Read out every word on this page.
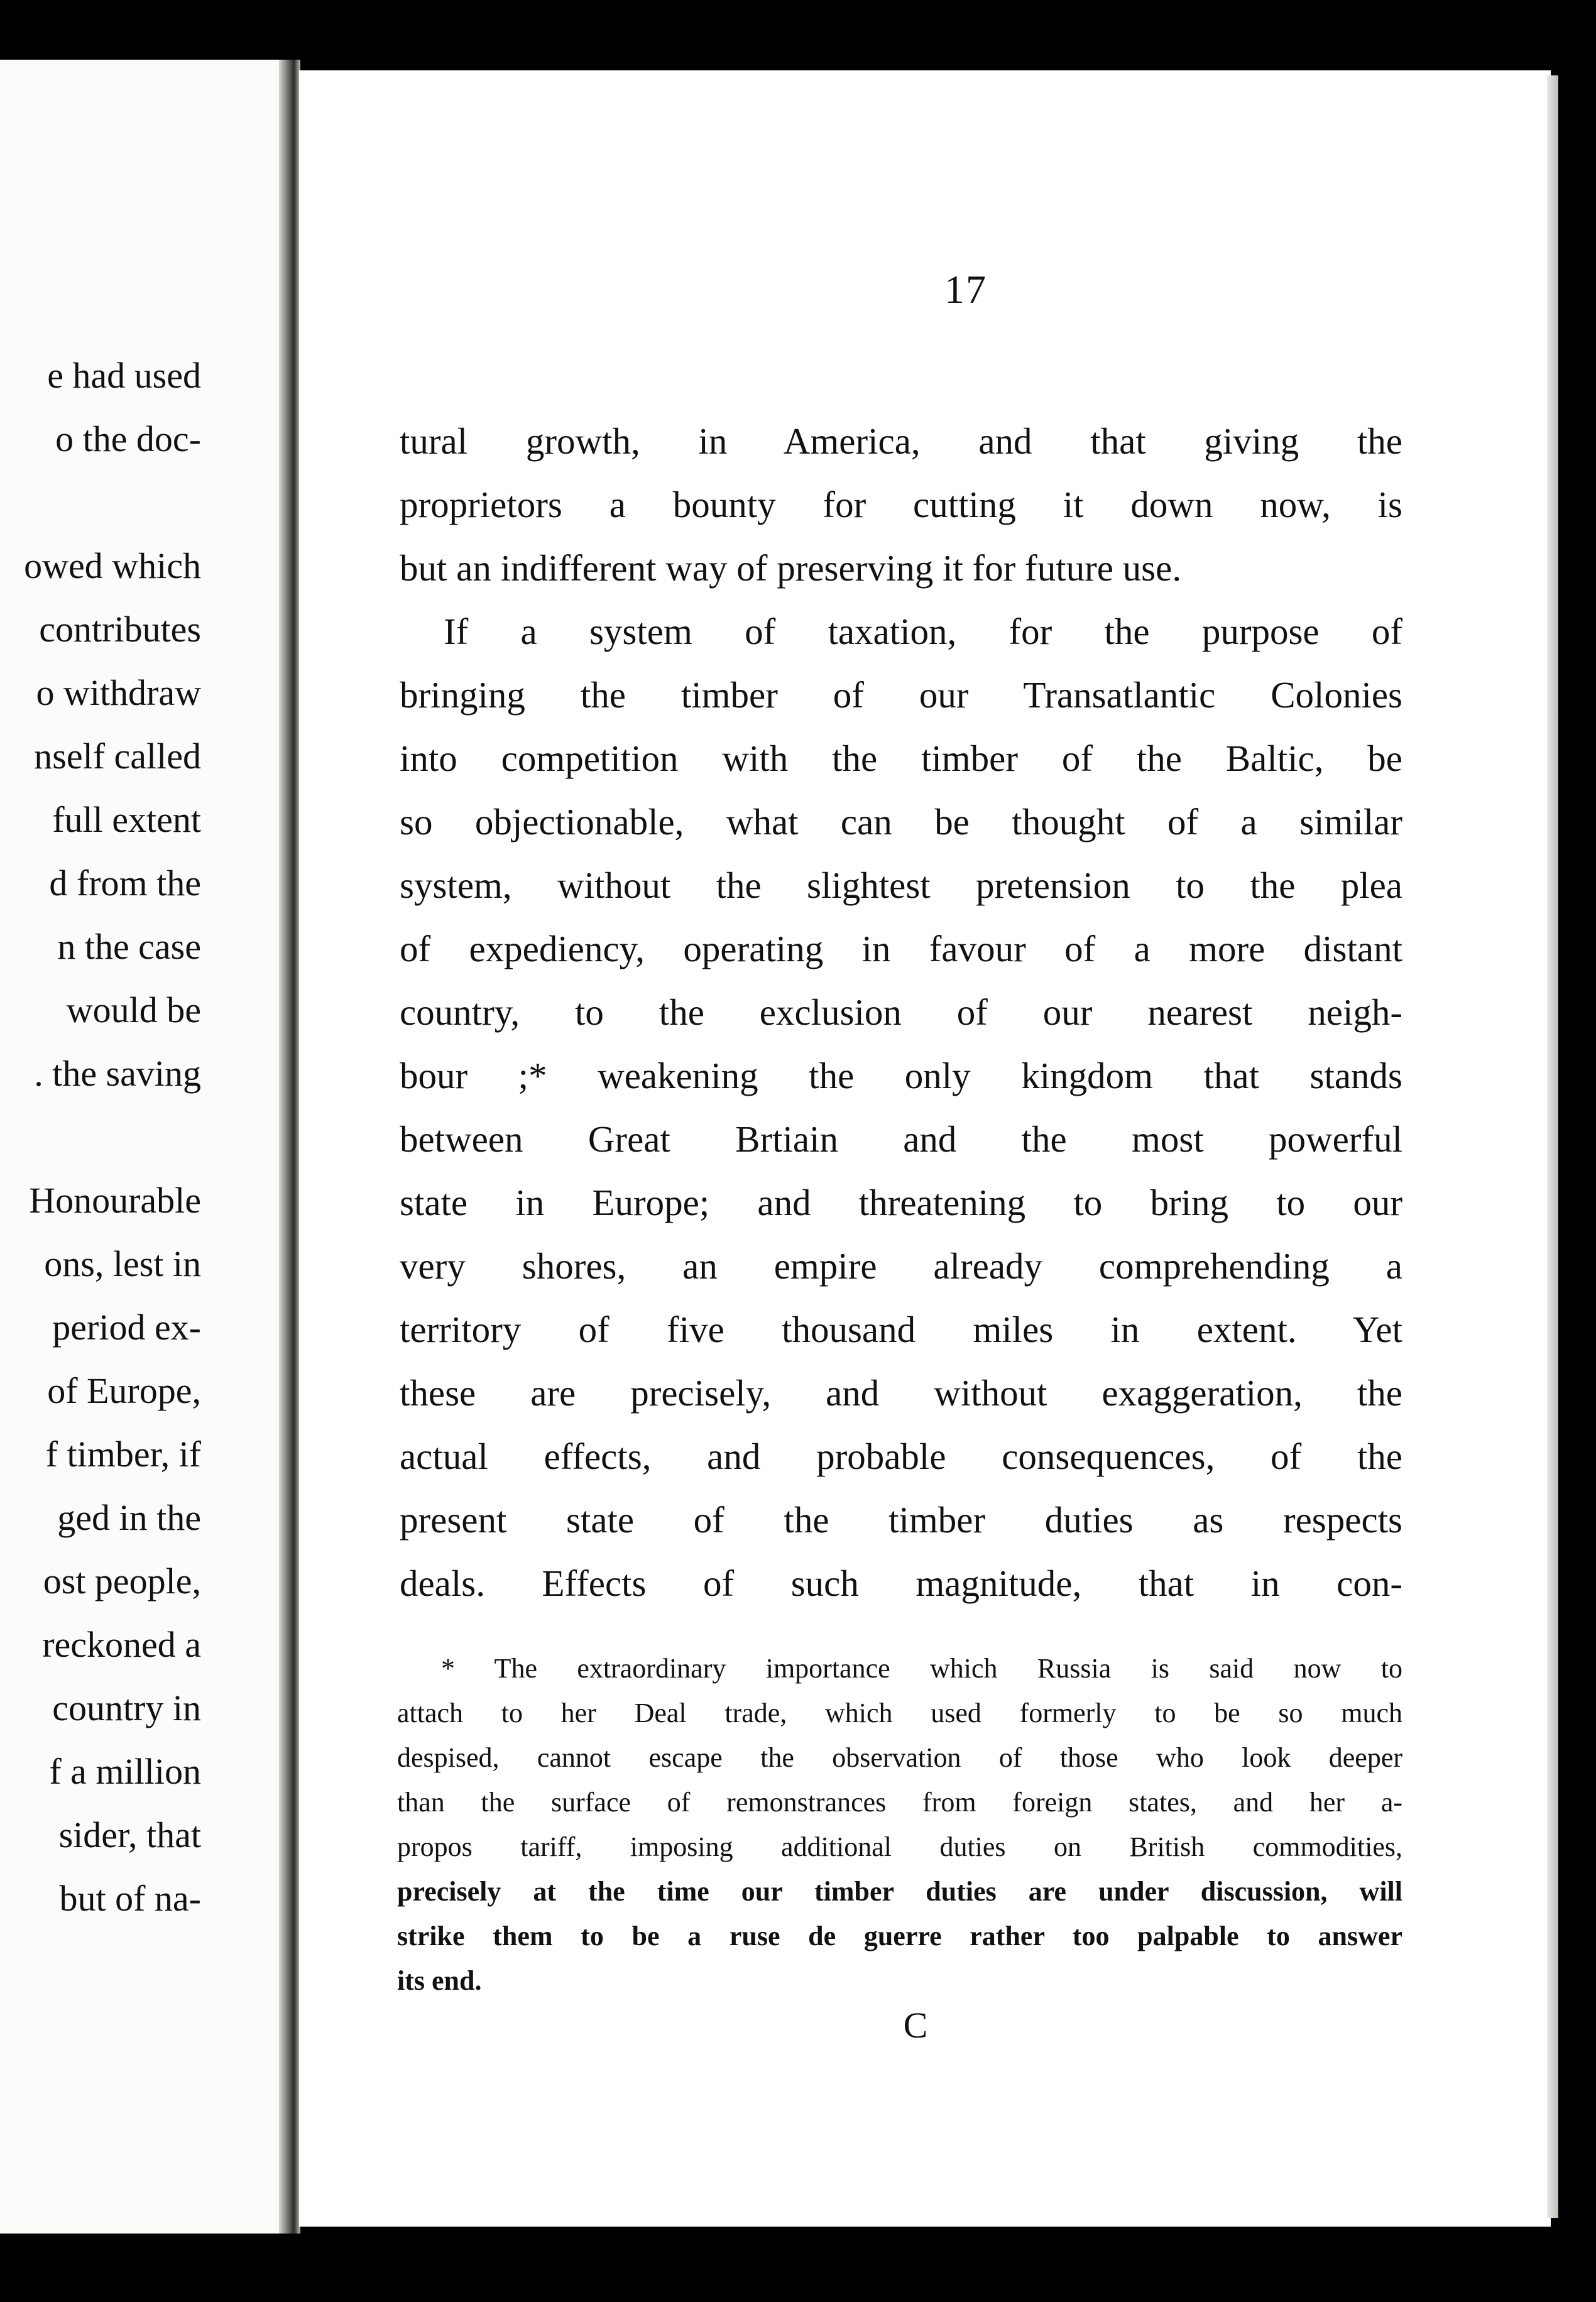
e had used
o the doc-
owed which
contributes
o withdraw
nself called
full extent
d from the
n the case
would be
. the saving
Honourable
ons, lest in
period ex-
of Europe,
f timber, if
ged in the
ost people,
reckoned a
country in
f a million
sider, that
but of na-
17
tural growth, in America, and that giving the
proprietors a bounty for cutting it down now, is
but an indifferent way of preserving it for future use.
If a system of taxation, for the purpose of
bringing the timber of our Transatlantic Colonies
into competition with the timber of the Baltic, be
so objectionable, what can be thought of a similar
system, without the slightest pretension to the plea
of expediency, operating in favour of a more distant
country, to the exclusion of our nearest neigh-
bour ;* weakening the only kingdom that stands
between Great Brtiain and the most powerful
state in Europe; and threatening to bring to our
very shores, an empire already comprehending a
territory of five thousand miles in extent. Yet
these are precisely, and without exaggeration, the
actual effects, and probable consequences, of the
present state of the timber duties as respects
deals. Effects of such magnitude, that in con-
* The extraordinary importance which Russia is said now to
attach to her Deal trade, which used formerly to be so much
despised, cannot escape the observation of those who look deeper
than the surface of remonstrances from foreign states, and her a-
propos tariff, imposing additional duties on British commodities,
precisely at the time our timber duties are under discussion, will
strike them to be a ruse de guerre rather too palpable to answer
its end.
C
